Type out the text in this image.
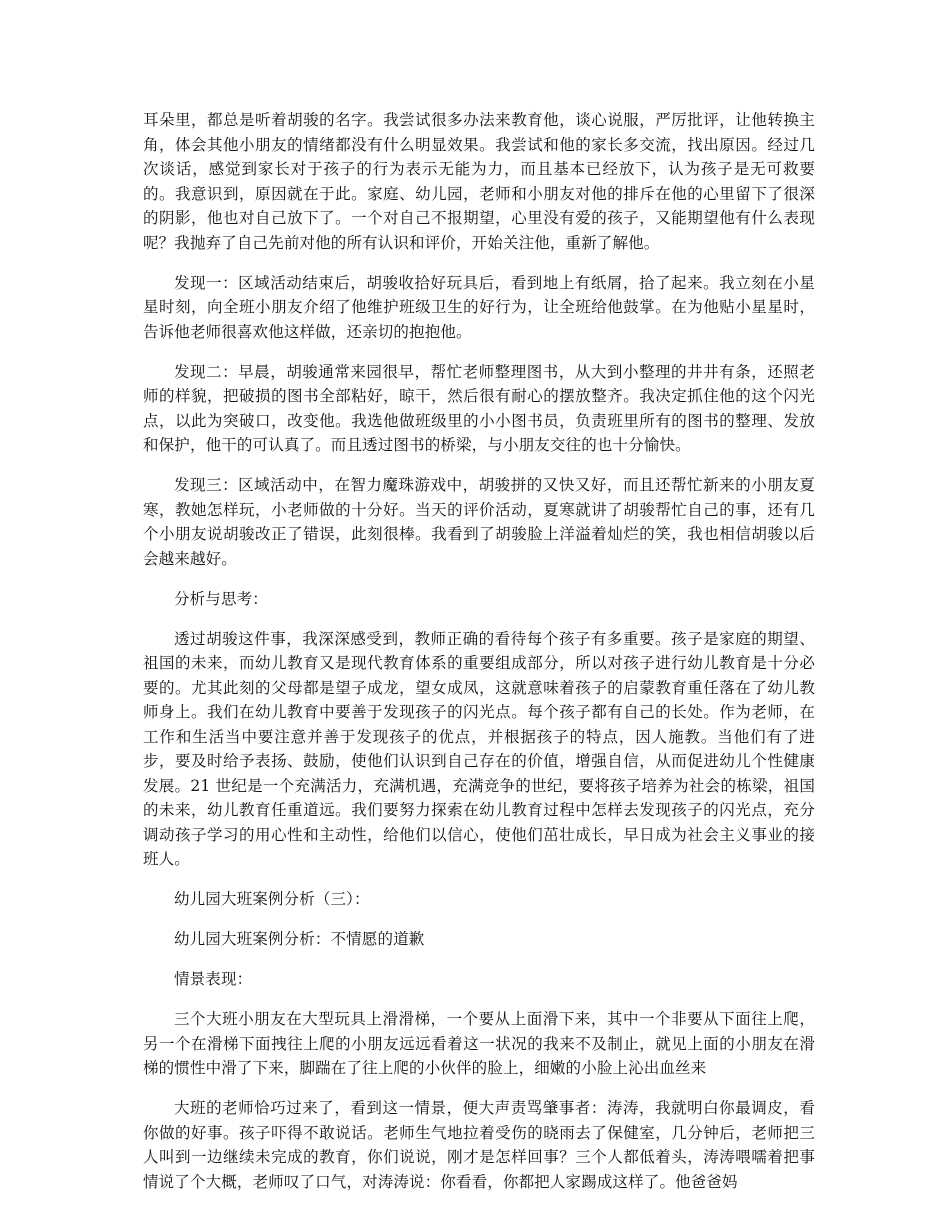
耳朵里，都总是听着胡骏的名字。我尝试很多办法来教育他，谈心说服，严厉批评，让他转换主角，体会其他小朋友的情绪都没有什么明显效果。我尝试和他的家长多交流，找出原因。经过几次谈话，感觉到家长对于孩子的行为表示无能为力，而且基本已经放下，认为孩子是无可救要的。我意识到，原因就在于此。家庭、幼儿园，老师和小朋友对他的排斥在他的心里留下了很深的阴影，他也对自己放下了。一个对自己不报期望，心里没有爱的孩子，又能期望他有什么表现呢？我抛弃了自己先前对他的所有认识和评价，开始关注他，重新了解他。

发现一：区域活动结束后，胡骏收拾好玩具后，看到地上有纸屑，拾了起来。我立刻在小星星时刻，向全班小朋友介绍了他维护班级卫生的好行为，让全班给他鼓掌。在为他贴小星星时，告诉他老师很喜欢他这样做，还亲切的抱抱他。

发现二：早晨，胡骏通常来园很早，帮忙老师整理图书，从大到小整理的井井有条，还照老师的样貌，把破损的图书全部粘好，晾干，然后很有耐心的摆放整齐。我决定抓住他的这个闪光点，以此为突破口，改变他。我选他做班级里的小小图书员，负责班里所有的图书的整理、发放和保护，他干的可认真了。而且透过图书的桥梁，与小朋友交往的也十分愉快。

发现三：区域活动中，在智力魔珠游戏中，胡骏拼的又快又好，而且还帮忙新来的小朋友夏寒，教她怎样玩，小老师做的十分好。当天的评价活动，夏寒就讲了胡骏帮忙自己的事，还有几个小朋友说胡骏改正了错误，此刻很棒。我看到了胡骏脸上洋溢着灿烂的笑，我也相信胡骏以后会越来越好。

分析与思考：

透过胡骏这件事，我深深感受到，教师正确的看待每个孩子有多重要。孩子是家庭的期望、祖国的未来，而幼儿教育又是现代教育体系的重要组成部分，所以对孩子进行幼儿教育是十分必要的。尤其此刻的父母都是望子成龙，望女成凤，这就意味着孩子的启蒙教育重任落在了幼儿教师身上。我们在幼儿教育中要善于发现孩子的闪光点。每个孩子都有自己的长处。作为老师，在工作和生活当中要注意并善于发现孩子的优点，并根据孩子的特点，因人施教。当他们有了进步，要及时给予表扬、鼓励，使他们认识到自己存在的价值，增强自信，从而促进幼儿个性健康发展。21 世纪是一个充满活力，充满机遇，充满竞争的世纪，要将孩子培养为社会的栋梁，祖国的未来，幼儿教育任重道远。我们要努力探索在幼儿教育过程中怎样去发现孩子的闪光点，充分调动孩子学习的用心性和主动性，给他们以信心，使他们茁壮成长，早日成为社会主义事业的接班人。

幼儿园大班案例分析（三）：

幼儿园大班案例分析：不情愿的道歉

情景表现：

三个大班小朋友在大型玩具上滑滑梯，一个要从上面滑下来，其中一个非要从下面往上爬，另一个在滑梯下面拽往上爬的小朋友远远看着这一状况的我来不及制止，就见上面的小朋友在滑梯的惯性中滑了下来，脚踹在了往上爬的小伙伴的脸上，细嫩的小脸上沁出血丝来

大班的老师恰巧过来了，看到这一情景，便大声责骂肇事者：涛涛，我就明白你最调皮，看你做的好事。孩子吓得不敢说话。老师生气地拉着受伤的晓雨去了保健室，几分钟后，老师把三人叫到一边继续未完成的教育，你们说说，刚才是怎样回事？三个人都低着头，涛涛喂嚅着把事情说了个大概，老师叹了口气，对涛涛说：你看看，你都把人家踢成这样了。他爸爸妈
